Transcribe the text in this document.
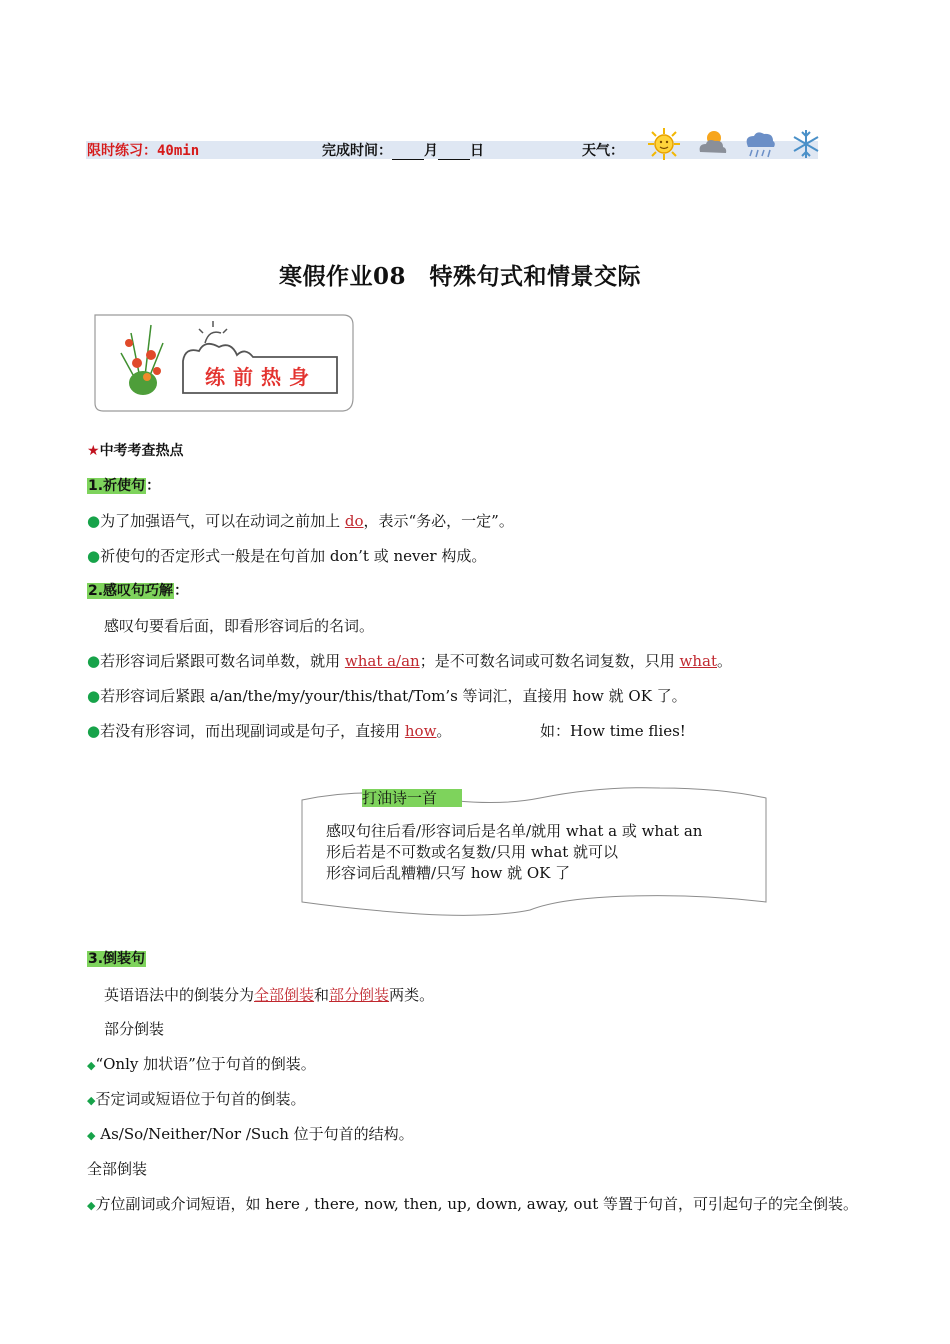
限时练习：40min	完成时间： 月 日	天气：
寒假作业08　特殊句式和情景交际
练前热身
★中考考查热点
1.祈使句：
●为了加强语气，可以在动词之前加上 do，表示“务必，一定”。
●祈使句的否定形式一般是在句首加 don’t 或 never 构成。
2.感叹句巧解：
感叹句要看后面，即看形容词后的名词。
●若形容词后紧跟可数名词单数，就用 what a/an；是不可数名词或可数名词复数，只用 what。
●若形容词后紧跟 a/an/the/my/your/this/that/Tom’s 等词汇，直接用 how 就 OK 了。
●若没有形容词，而出现副词或是句子，直接用 how。	如：How time flies!
打油诗一首
感叹句往后看/形容词后是名单/就用 what a 或 what an
形后若是不可数或名复数/只用 what 就可以
形容词后乱糟糟/只写 how 就 OK 了
3.倒装句
英语语法中的倒装分为全部倒装和部分倒装两类。
部分倒装
◆“Only 加状语”位于句首的倒装。
◆否定词或短语位于句首的倒装。
◆ As/So/Neither/Nor /Such 位于句首的结构。
全部倒装
◆方位副词或介词短语，如 here , there, now, then, up, down, away, out 等置于句首，可引起句子的完全倒装。
